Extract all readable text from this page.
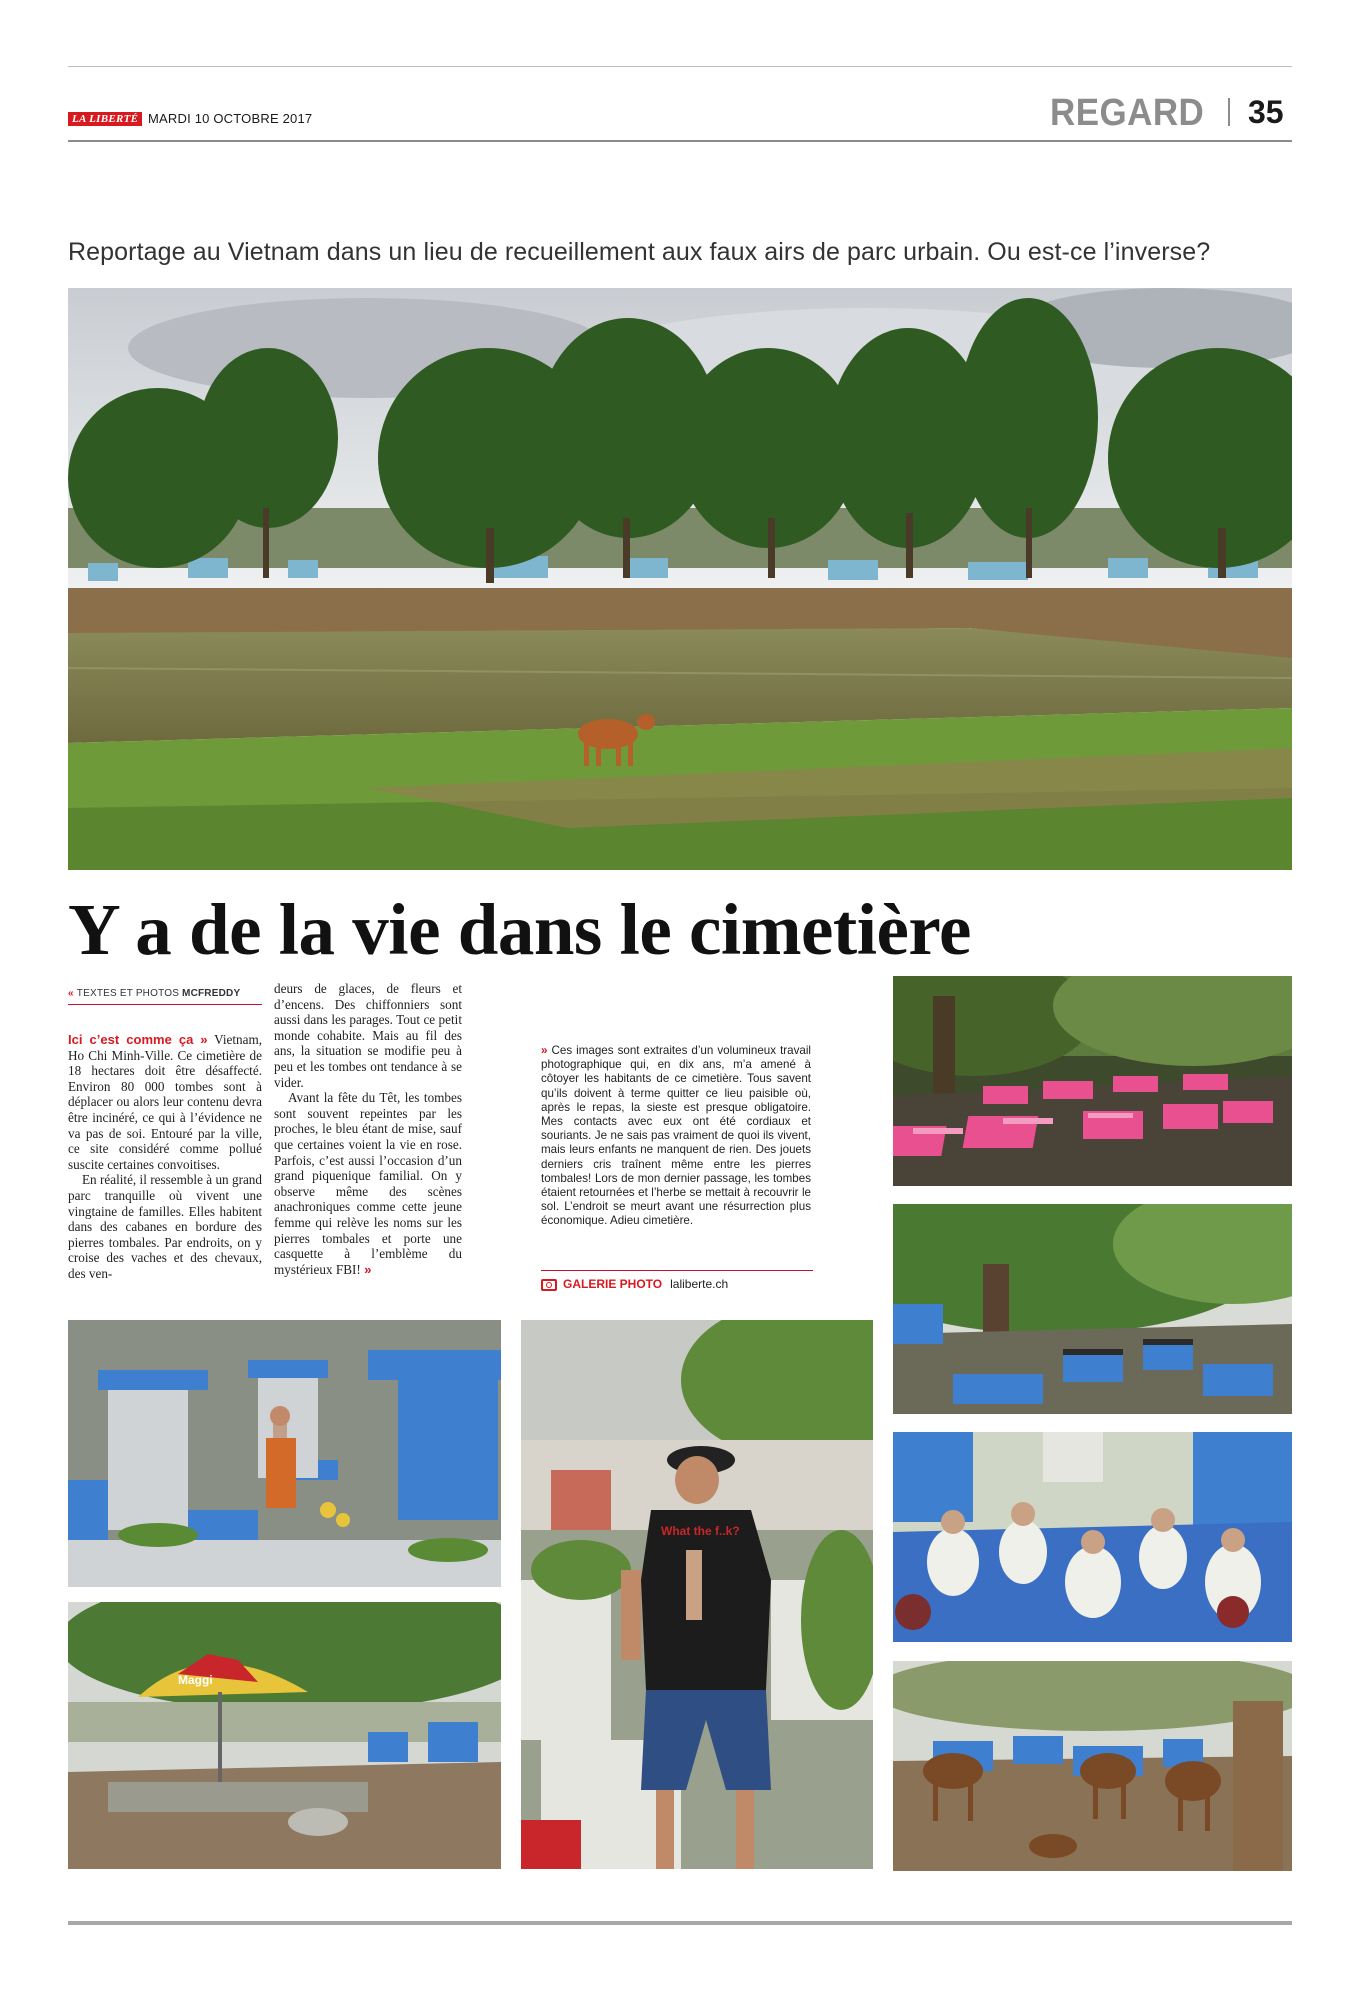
LA LIBERTÉ MARDI 10 OCTOBRE 2017	REGARD 35
Reportage au Vietnam dans un lieu de recueillement aux faux airs de parc urbain. Ou est-ce l’inverse?
Y a de la vie dans le cimetière
« TEXTES ET PHOTOS MCFREDDY

Ici c’est comme ça » Vietnam, Ho Chi Minh-Ville. Ce cimetière de 18 hectares doit être désaffecté. Environ 80 000 tombes sont à déplacer ou alors leur contenu devra être incinéré, ce qui à l’évidence ne va pas de soi. Entouré par la ville, ce site considéré comme pollué suscite certaines convoitises.

En réalité, il ressemble à un grand parc tranquille où vivent une vingtaine de familles. Elles habitent dans des cabanes en bordure des pierres tombales. Par endroits, on y croise des vaches et des chevaux, des ven-

deurs de glaces, de fleurs et d’encens. Des chiffonniers sont aussi dans les parages. Tout ce petit monde cohabite. Mais au fil des ans, la situation se modifie peu à peu et les tombes ont tendance à se vider.

Avant la fête du Têt, les tombes sont souvent repeintes par les proches, le bleu étant de mise, sauf que certaines voient la vie en rose. Parfois, c’est aussi l’occasion d’un grand piquenique familial. On y observe même des scènes anachroniques comme cette jeune femme qui relève les noms sur les pierres tombales et porte une casquette à l’emblème du mystérieux FBI! »

» Ces images sont extraites d’un volumineux travail photographique qui, en dix ans, m’a amené à côtoyer les habitants de ce cimetière. Tous savent qu’ils doivent à terme quitter ce lieu paisible où, après le repas, la sieste est presque obligatoire. Mes contacts avec eux ont été cordiaux et souriants. Je ne sais pas vraiment de quoi ils vivent, mais leurs enfants ne manquent de rien. Des jouets derniers cris traînent même entre les pierres tombales! Lors de mon dernier passage, les tombes étaient retournées et l’herbe se mettait à recouvrir le sol. L’endroit se meurt avant une résurrection plus économique. Adieu cimetière.
GALERIE PHOTO laliberte.ch
Maggi
What the f..k?
